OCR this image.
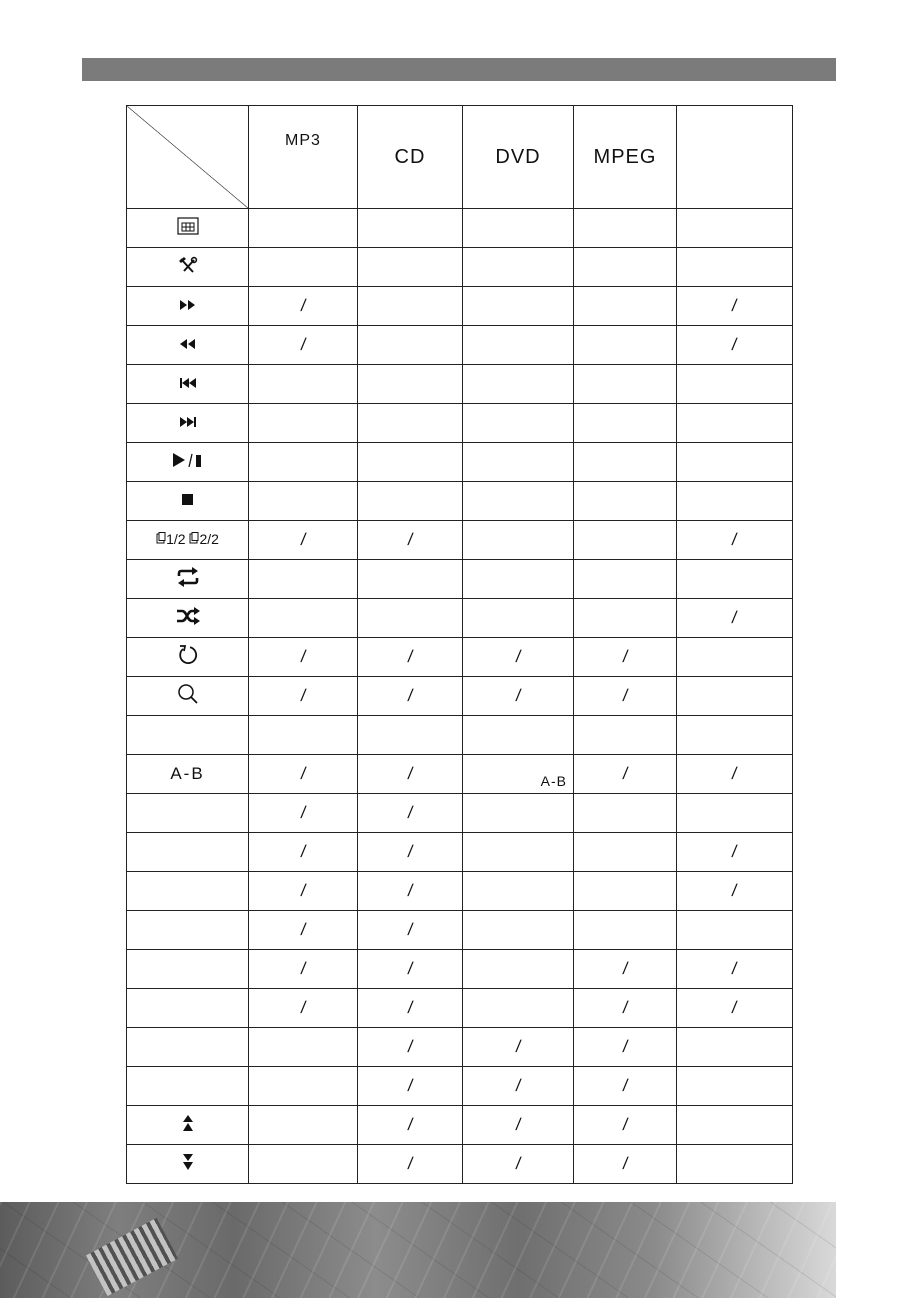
	MP3	CD	DVD	MPEG	

	/				/
	/				/

1/2 2/2	/	/			/

					/
	/	/	/	/	
	/	/	/	/	

A-B	/	/	A-B	/	/
	/	/			
	/	/			/
	/	/			/
	/	/			
	/	/		/	/
	/	/		/	/
		/	/	/	
		/	/	/	
		/	/	/	
		/	/	/	
